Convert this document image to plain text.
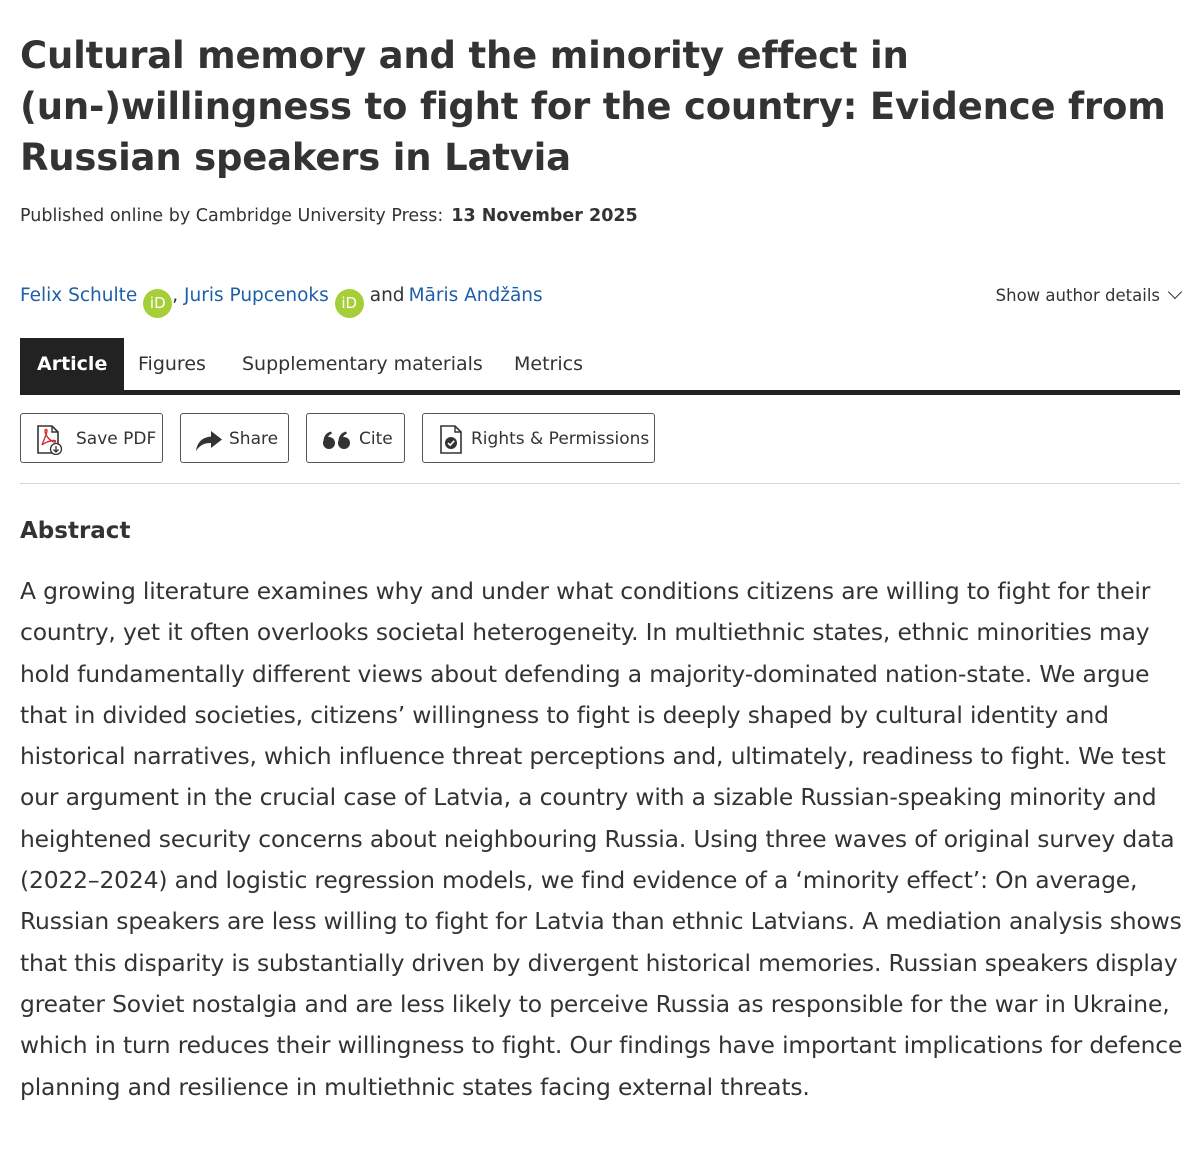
Cultural memory and the minority effect in (un-)willingness to fight for the country: Evidence from Russian speakers in Latvia
Published online by Cambridge University Press: 13 November 2025
Felix Schulte iD , Juris Pupcenoks iD and Māris Andžāns	Show author details
Article	Figures Supplementary materials Metrics
Save PDF	Share	Cite	Rights & Permissions
Abstract

A growing literature examines why and under what conditions citizens are willing to fight for their country, yet it often overlooks societal heterogeneity. In multiethnic states, ethnic minorities may hold fundamentally different views about defending a majority-dominated nation-state. We argue that in divided societies, citizens’ willingness to fight is deeply shaped by cultural identity and historical narratives, which influence threat perceptions and, ultimately, readiness to fight. We test our argument in the crucial case of Latvia, a country with a sizable Russian-speaking minority and heightened security concerns about neighbouring Russia. Using three waves of original survey data (2022–2024) and logistic regression models, we find evidence of a ‘minority effect’: On average, Russian speakers are less willing to fight for Latvia than ethnic Latvians. A mediation analysis shows that this disparity is substantially driven by divergent historical memories. Russian speakers display greater Soviet nostalgia and are less likely to perceive Russia as responsible for the war in Ukraine, which in turn reduces their willingness to fight. Our findings have important implications for defence planning and resilience in multiethnic states facing external threats.
